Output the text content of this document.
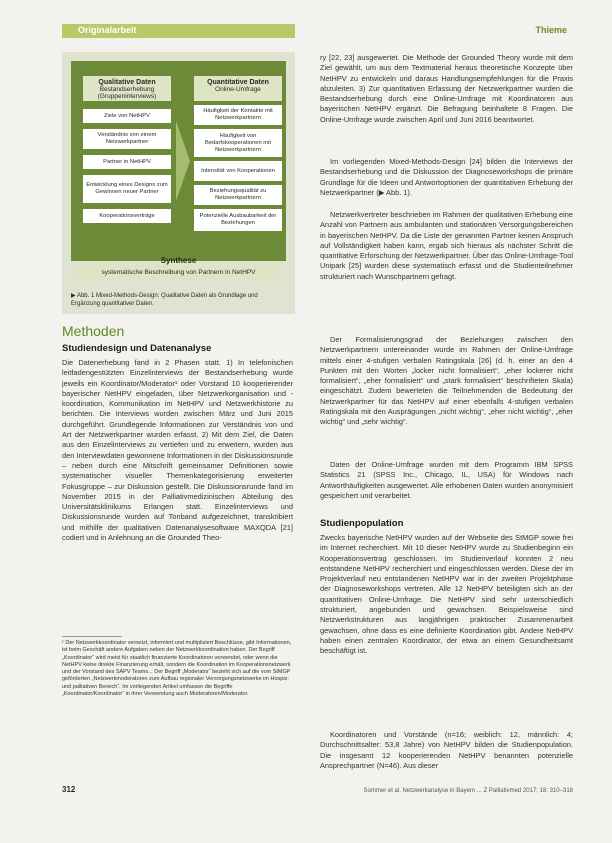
Originalarbeit	Thieme
Qualitative Daten
Bestandserhebung (Gruppeninterviews)
Quantitative Daten
Online-Umfrage
Ziele von NetHPV
Verständnis von einem Netzwerkpartner
Partner in NetHPV
Entwicklung eines Designs zum Gewinnen neuer Partner
Kooperationsverträge
Häufigkeit der Kontakte mit Netzwerkpartnern
Häufigkeit von Bedarfskooperationen mit Netzwerkpartnern
Intensität von Kooperationen
Beziehungsqualität zu Netzwerkpartnern
Potenzielle Ausbaubarkeit der Beziehungen
Synthese
systematische Beschreibung von Partnern in NetHPV
▶ Abb. 1 Mixed-Methods-Design: Qualitative Daten als Grundlage und Ergänzung quantitativer Daten.
Methoden
Studiendesign und Datenanalyse
Die Datenerhebung fand in 2 Phasen statt. 1) In telefonischen leitfadengestützten Einzelinterviews der Bestandserhebung wurde jeweils ein Koordinator/Moderator¹ oder Vorstand 10 kooperierender bayerischer NetHPV eingeladen, über Netzwerkorganisation und -koordination, Kommunikation im NetHPV und Netzwerkhistorie zu berichten. Die Interviews wurden zwischen März und Juni 2015 durchgeführt. Grundlegende Informationen zur Verständnis von und Art der Netzwerkpartner wurden erfasst. 2) Mit dem Ziel, die Daten aus den Einzelinterviews zu vertiefen und zu erweitern, wurden aus den Interviewdaten gewonnene Informationen in der Diskussionsrunde – neben durch eine Mitschrift gemeinsamer Definitionen sowie systematischer visueller Themenkategorisierung erweiterter Fokusgruppe – zur Diskussion gestellt. Die Diskussionsrunde fand im November 2015 in der Palliativmedizinischen Abteilung des Universitätsklinikums Erlangen statt. Einzelinterviews und Diskussionsrunde wurden auf Tonband aufgezeichnet, transkribiert und mithilfe der qualitativen Datenanalysesoftware MAXQDA [21] codiert und in Anlehnung an die Grounded Theo-
¹ Der Netzwerkkoordinator vernetzt, informiert und multipliziert Beschlüsse, gibt Informationen, ist beim Geschäft andere Aufgaben neben der Netzwerkkoordination haben. Der Begriff „Koordinator“ wird meist für staatlich finanzierte Koordinatoren verwendet, oder wenn die NetHPV keine direkte Finanzierung erhält, sondern die Koordination im Kooperationsnetzwerk und der Vorstand des SAPV Teams... Der Begriff „Moderator“ bezieht sich auf die vom StMGP geförderten „Netzwerkmoderatoren zum Aufbau regionaler Versorgungsnetzwerke im Hospiz- und palliativen Bereich“. Im vorliegenden Artikel umfassen die Begriffe „Koordinator/Koordinator“ in ihrer Verwendung auch Moderatoren/Moderator.
312
ry [22, 23] ausgewertet. Die Methode der Grounded Theory wurde mit dem Ziel gewählt, um aus dem Textmaterial heraus theoretische Konzepte über NetHPV zu entwickeln und daraus Handlungsempfehlungen für die Praxis abzuleiten. 3) Zur quantitativen Erfassung der Netzwerkpartner wurden die Bestandserhebung durch eine Online-Umfrage mit Koordinatoren aus bayerischen NetHPV ergänzt. Die Befragung beinhaltete 8 Fragen. Die Online-Umfrage wurde zwischen April und Juni 2016 beantwortet.
Im vorliegenden Mixed-Methods-Design [24] bilden die Interviews der Bestandserhebung und die Diskussion der Diagnoseworkshops die primäre Grundlage für die Ideen und Antwortoptionen der quantitativen Erhebung der Netzwerkpartner (▶ Abb. 1).
Netzwerkvertreter beschrieben im Rahmen der qualitativen Erhebung eine Anzahl von Partnern aus ambulanten und stationären Versorgungsbereichen in bayerischen NetHPV. Da die Liste der genannten Partner keinen Anspruch auf Vollständigkeit haben kann, ergab sich hieraus als nächster Schritt die quantitative Erforschung der Netzwerkpartner. Über das Online-Umfrage-Tool Unipark [25] wurden diese systematisch erfasst und die Studienteilnehmer strukturiert nach Wunschpartnern gefragt.
Der Formalisierungsgrad der Beziehungen zwischen den Netzwerkpartnern untereinander wurde im Rahmen der Online-Umfrage mittels einer 4-stufigen verbalen Ratingskala [26] (d. h. einer an den 4 Punkten mit den Worten „locker nicht formalisiert“, „eher lockerer nicht formalisiert“, „eher formalisiert“ und „stark formalisiert“ beschrifteten Skala) eingeschätzt. Zudem bewerteten die Teilnehmenden die Bedeutung der Netzwerkpartner für das NetHPV auf einer ebenfalls 4-stufigen verbalen Ratingskala mit den Ausprägungen „nicht wichtig“, „eher nicht wichtig“, „eher wichtig“ und „sehr wichtig“.
Daten der Online-Umfrage wurden mit dem Programm IBM SPSS Statistics 21 (SPSS Inc., Chicago, IL, USA) für Windows nach Antworthäufigkeiten ausgewertet. Alle erhobenen Daten wurden anonymisiert gespeichert und verarbeitet.
Studienpopulation
Zwecks bayerische NetHPV wurden auf der Webseite des StMGP sowie frei im Internet recherchiert. Mit 10 dieser NetHPV wurde zu Studienbeginn ein Kooperationsvertrag geschlossen. Im Studienverlauf konnten 2 neu entstandene NetHPV recherchiert und eingeschlossen werden. Diese der im Projektverlauf neu entstandenen NetHPV war in der zweiten Projektphase der Diagnoseworkshops vertreten. Alle 12 NetHPV beteiligten sich an der quantitativen Online-Umfrage. Die NetHPV sind sehr unterschiedlich strukturiert, angebunden und gewachsen. Beispielsweise sind Netzwerkstrukturen aus langjährigen praktischer Zusammenarbeit gewachsen, ohne dass es eine definierte Koordination gibt. Andere NetHPV haben einen zentralen Koordinator, der etwa an einem Gesundheitsamt beschäftigt ist.
Koordinatoren und Vorstände (n=16; weiblich: 12, männlich: 4; Durchschnittsalter: 53,8 Jahre) von NetHPV bilden die Studienpopulation. Die insgesamt 12 kooperierenden NetHPV benannten potenzielle Ansprechpartner (N=46). Aus dieser
Sommer et al. Netzwerkanalyse in Bayern ... Z Palliativmed 2017; 18: 310–318
